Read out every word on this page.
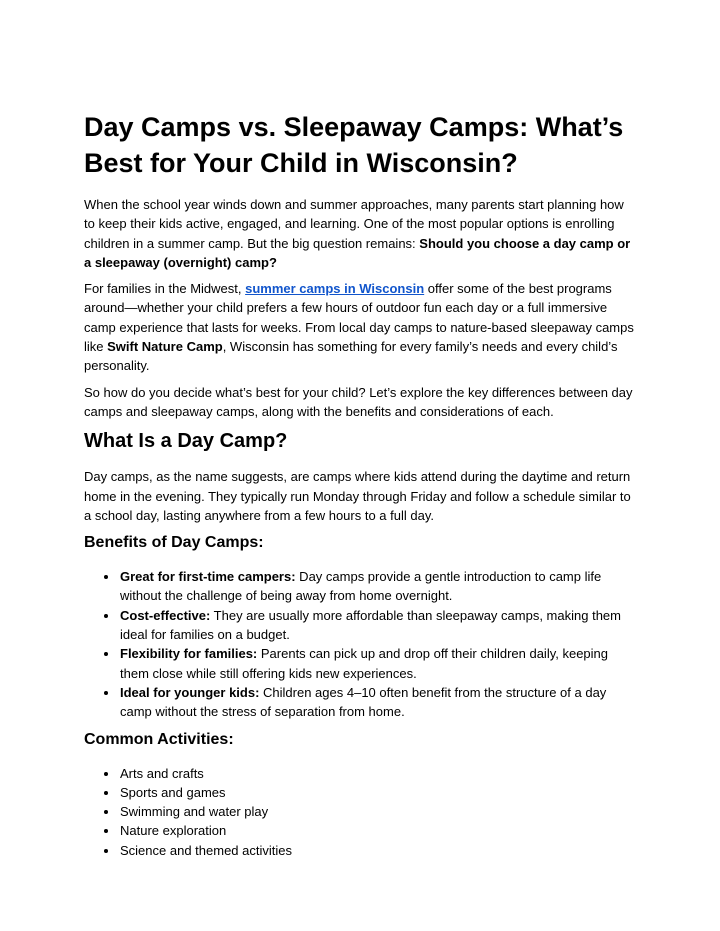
Day Camps vs. Sleepaway Camps: What’s Best for Your Child in Wisconsin?

When the school year winds down and summer approaches, many parents start planning how to keep their kids active, engaged, and learning. One of the most popular options is enrolling children in a summer camp. But the big question remains: Should you choose a day camp or a sleepaway (overnight) camp?

For families in the Midwest, summer camps in Wisconsin offer some of the best programs around—whether your child prefers a few hours of outdoor fun each day or a full immersive camp experience that lasts for weeks. From local day camps to nature-based sleepaway camps like Swift Nature Camp, Wisconsin has something for every family’s needs and every child’s personality.

So how do you decide what’s best for your child? Let’s explore the key differences between day camps and sleepaway camps, along with the benefits and considerations of each.

What Is a Day Camp?

Day camps, as the name suggests, are camps where kids attend during the daytime and return home in the evening. They typically run Monday through Friday and follow a schedule similar to a school day, lasting anywhere from a few hours to a full day.

Benefits of Day Camps:
• Great for first-time campers: Day camps provide a gentle introduction to camp life without the challenge of being away from home overnight.
• Cost-effective: They are usually more affordable than sleepaway camps, making them ideal for families on a budget.
• Flexibility for families: Parents can pick up and drop off their children daily, keeping them close while still offering kids new experiences.
• Ideal for younger kids: Children ages 4–10 often benefit from the structure of a day camp without the stress of separation from home.
Common Activities:
• Arts and crafts
• Sports and games
• Swimming and water play
• Nature exploration
• Science and themed activities
